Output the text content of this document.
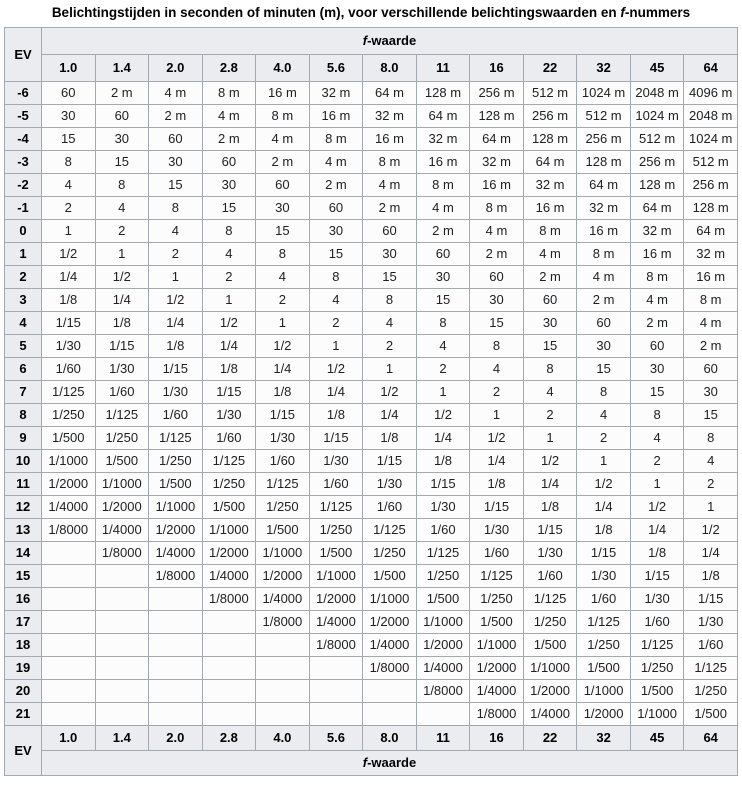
Belichtingstijden in seconden of minuten (m), voor verschillende belichtingswaarden en f-nummers
EV	f-waarde												
	1.0	1.4	2.0	2.8	4.0	5.6	8.0	11	16	22	32	45	64
-6	60	2 m	4 m	8 m	16 m	32 m	64 m	128 m	256 m	512 m	1024 m	2048 m	4096 m
-5	30	60	2 m	4 m	8 m	16 m	32 m	64 m	128 m	256 m	512 m	1024 m	2048 m
-4	15	30	60	2 m	4 m	8 m	16 m	32 m	64 m	128 m	256 m	512 m	1024 m
-3	8	15	30	60	2 m	4 m	8 m	16 m	32 m	64 m	128 m	256 m	512 m
-2	4	8	15	30	60	2 m	4 m	8 m	16 m	32 m	64 m	128 m	256 m
-1	2	4	8	15	30	60	2 m	4 m	8 m	16 m	32 m	64 m	128 m
0	1	2	4	8	15	30	60	2 m	4 m	8 m	16 m	32 m	64 m
1	1/2	1	2	4	8	15	30	60	2 m	4 m	8 m	16 m	32 m
2	1/4	1/2	1	2	4	8	15	30	60	2 m	4 m	8 m	16 m
3	1/8	1/4	1/2	1	2	4	8	15	30	60	2 m	4 m	8 m
4	1/15	1/8	1/4	1/2	1	2	4	8	15	30	60	2 m	4 m
5	1/30	1/15	1/8	1/4	1/2	1	2	4	8	15	30	60	2 m
6	1/60	1/30	1/15	1/8	1/4	1/2	1	2	4	8	15	30	60
7	1/125	1/60	1/30	1/15	1/8	1/4	1/2	1	2	4	8	15	30
8	1/250	1/125	1/60	1/30	1/15	1/8	1/4	1/2	1	2	4	8	15
9	1/500	1/250	1/125	1/60	1/30	1/15	1/8	1/4	1/2	1	2	4	8
10	1/1000	1/500	1/250	1/125	1/60	1/30	1/15	1/8	1/4	1/2	1	2	4
11	1/2000	1/1000	1/500	1/250	1/125	1/60	1/30	1/15	1/8	1/4	1/2	1	2
12	1/4000	1/2000	1/1000	1/500	1/250	1/125	1/60	1/30	1/15	1/8	1/4	1/2	1
13	1/8000	1/4000	1/2000	1/1000	1/500	1/250	1/125	1/60	1/30	1/15	1/8	1/4	1/2
14		1/8000	1/4000	1/2000	1/1000	1/500	1/250	1/125	1/60	1/30	1/15	1/8	1/4
15			1/8000	1/4000	1/2000	1/1000	1/500	1/250	1/125	1/60	1/30	1/15	1/8
16				1/8000	1/4000	1/2000	1/1000	1/500	1/250	1/125	1/60	1/30	1/15
17					1/8000	1/4000	1/2000	1/1000	1/500	1/250	1/125	1/60	1/30
18						1/8000	1/4000	1/2000	1/1000	1/500	1/250	1/125	1/60
19							1/8000	1/4000	1/2000	1/1000	1/500	1/250	1/125
20								1/8000	1/4000	1/2000	1/1000	1/500	1/250
21									1/8000	1/4000	1/2000	1/1000	1/500
EV	1.0	1.4	2.0	2.8	4.0	5.6	8.0	11	16	22	32	45	64
	f-waarde												
